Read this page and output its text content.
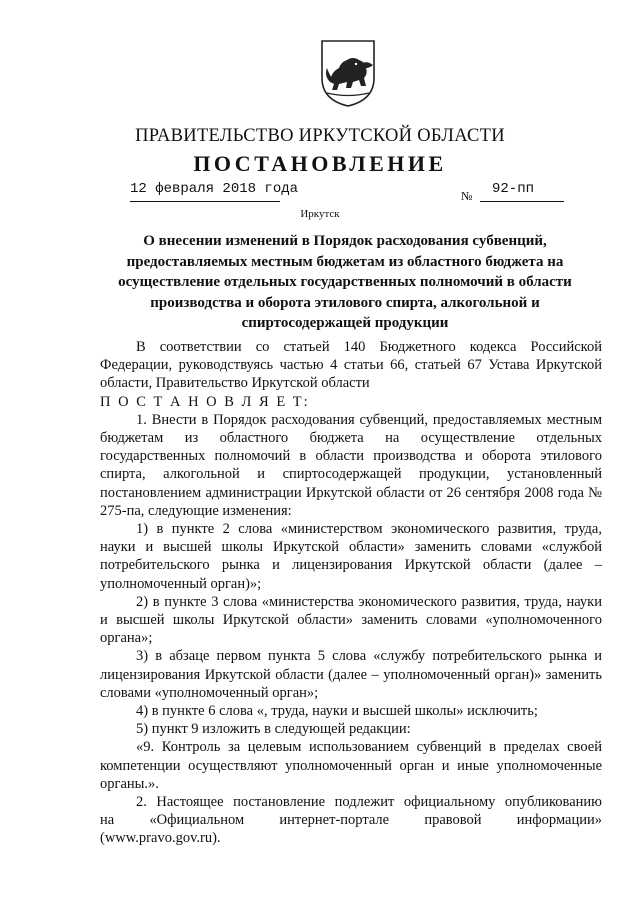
ПРАВИТЕЛЬСТВО ИРКУТСКОЙ ОБЛАСТИ
ПОСТАНОВЛЕНИЕ
12 февраля 2018 года	№ 92-пп
Иркутск
О внесении изменений в Порядок расходования субвенций, предоставляемых местным бюджетам из областного бюджета на осуществление отдельных государственных полномочий в области производства и оборота этилового спирта, алкогольной и спиртосодержащей продукции

В соответствии со статьей 140 Бюджетного кодекса Российской Федерации, руководствуясь частью 4 статьи 66, статьей 67 Устава Иркутской области, Правительство Иркутской области

П О С Т А Н О В Л Я Е Т:

1. Внести в Порядок расходования субвенций, предоставляемых местным бюджетам из областного бюджета на осуществление отдельных государственных полномочий в области производства и оборота этилового спирта, алкогольной и спиртосодержащей продукции, установленный постановлением администрации Иркутской области от 26 сентября 2008 года № 275-па, следующие изменения:

1) в пункте 2 слова «министерством экономического развития, труда, науки и высшей школы Иркутской области» заменить словами «службой потребительского рынка и лицензирования Иркутской области (далее – уполномоченный орган)»;

2) в пункте 3 слова «министерства экономического развития, труда, науки и высшей школы Иркутской области» заменить словами «уполномоченного органа»;

3) в абзаце первом пункта 5 слова «службу потребительского рынка и лицензирования Иркутской области (далее – уполномоченный орган)» заменить словами «уполномоченный орган»;

4) в пункте 6 слова «, труда, науки и высшей школы» исключить;

5) пункт 9 изложить в следующей редакции:

«9. Контроль за целевым использованием субвенций в пределах своей компетенции осуществляют уполномоченный орган и иные уполномоченные органы.».

2. Настоящее постановление подлежит официальному опубликованию

на «Официальном интернет-портале правовой информации»

(www.pravo.gov.ru).
